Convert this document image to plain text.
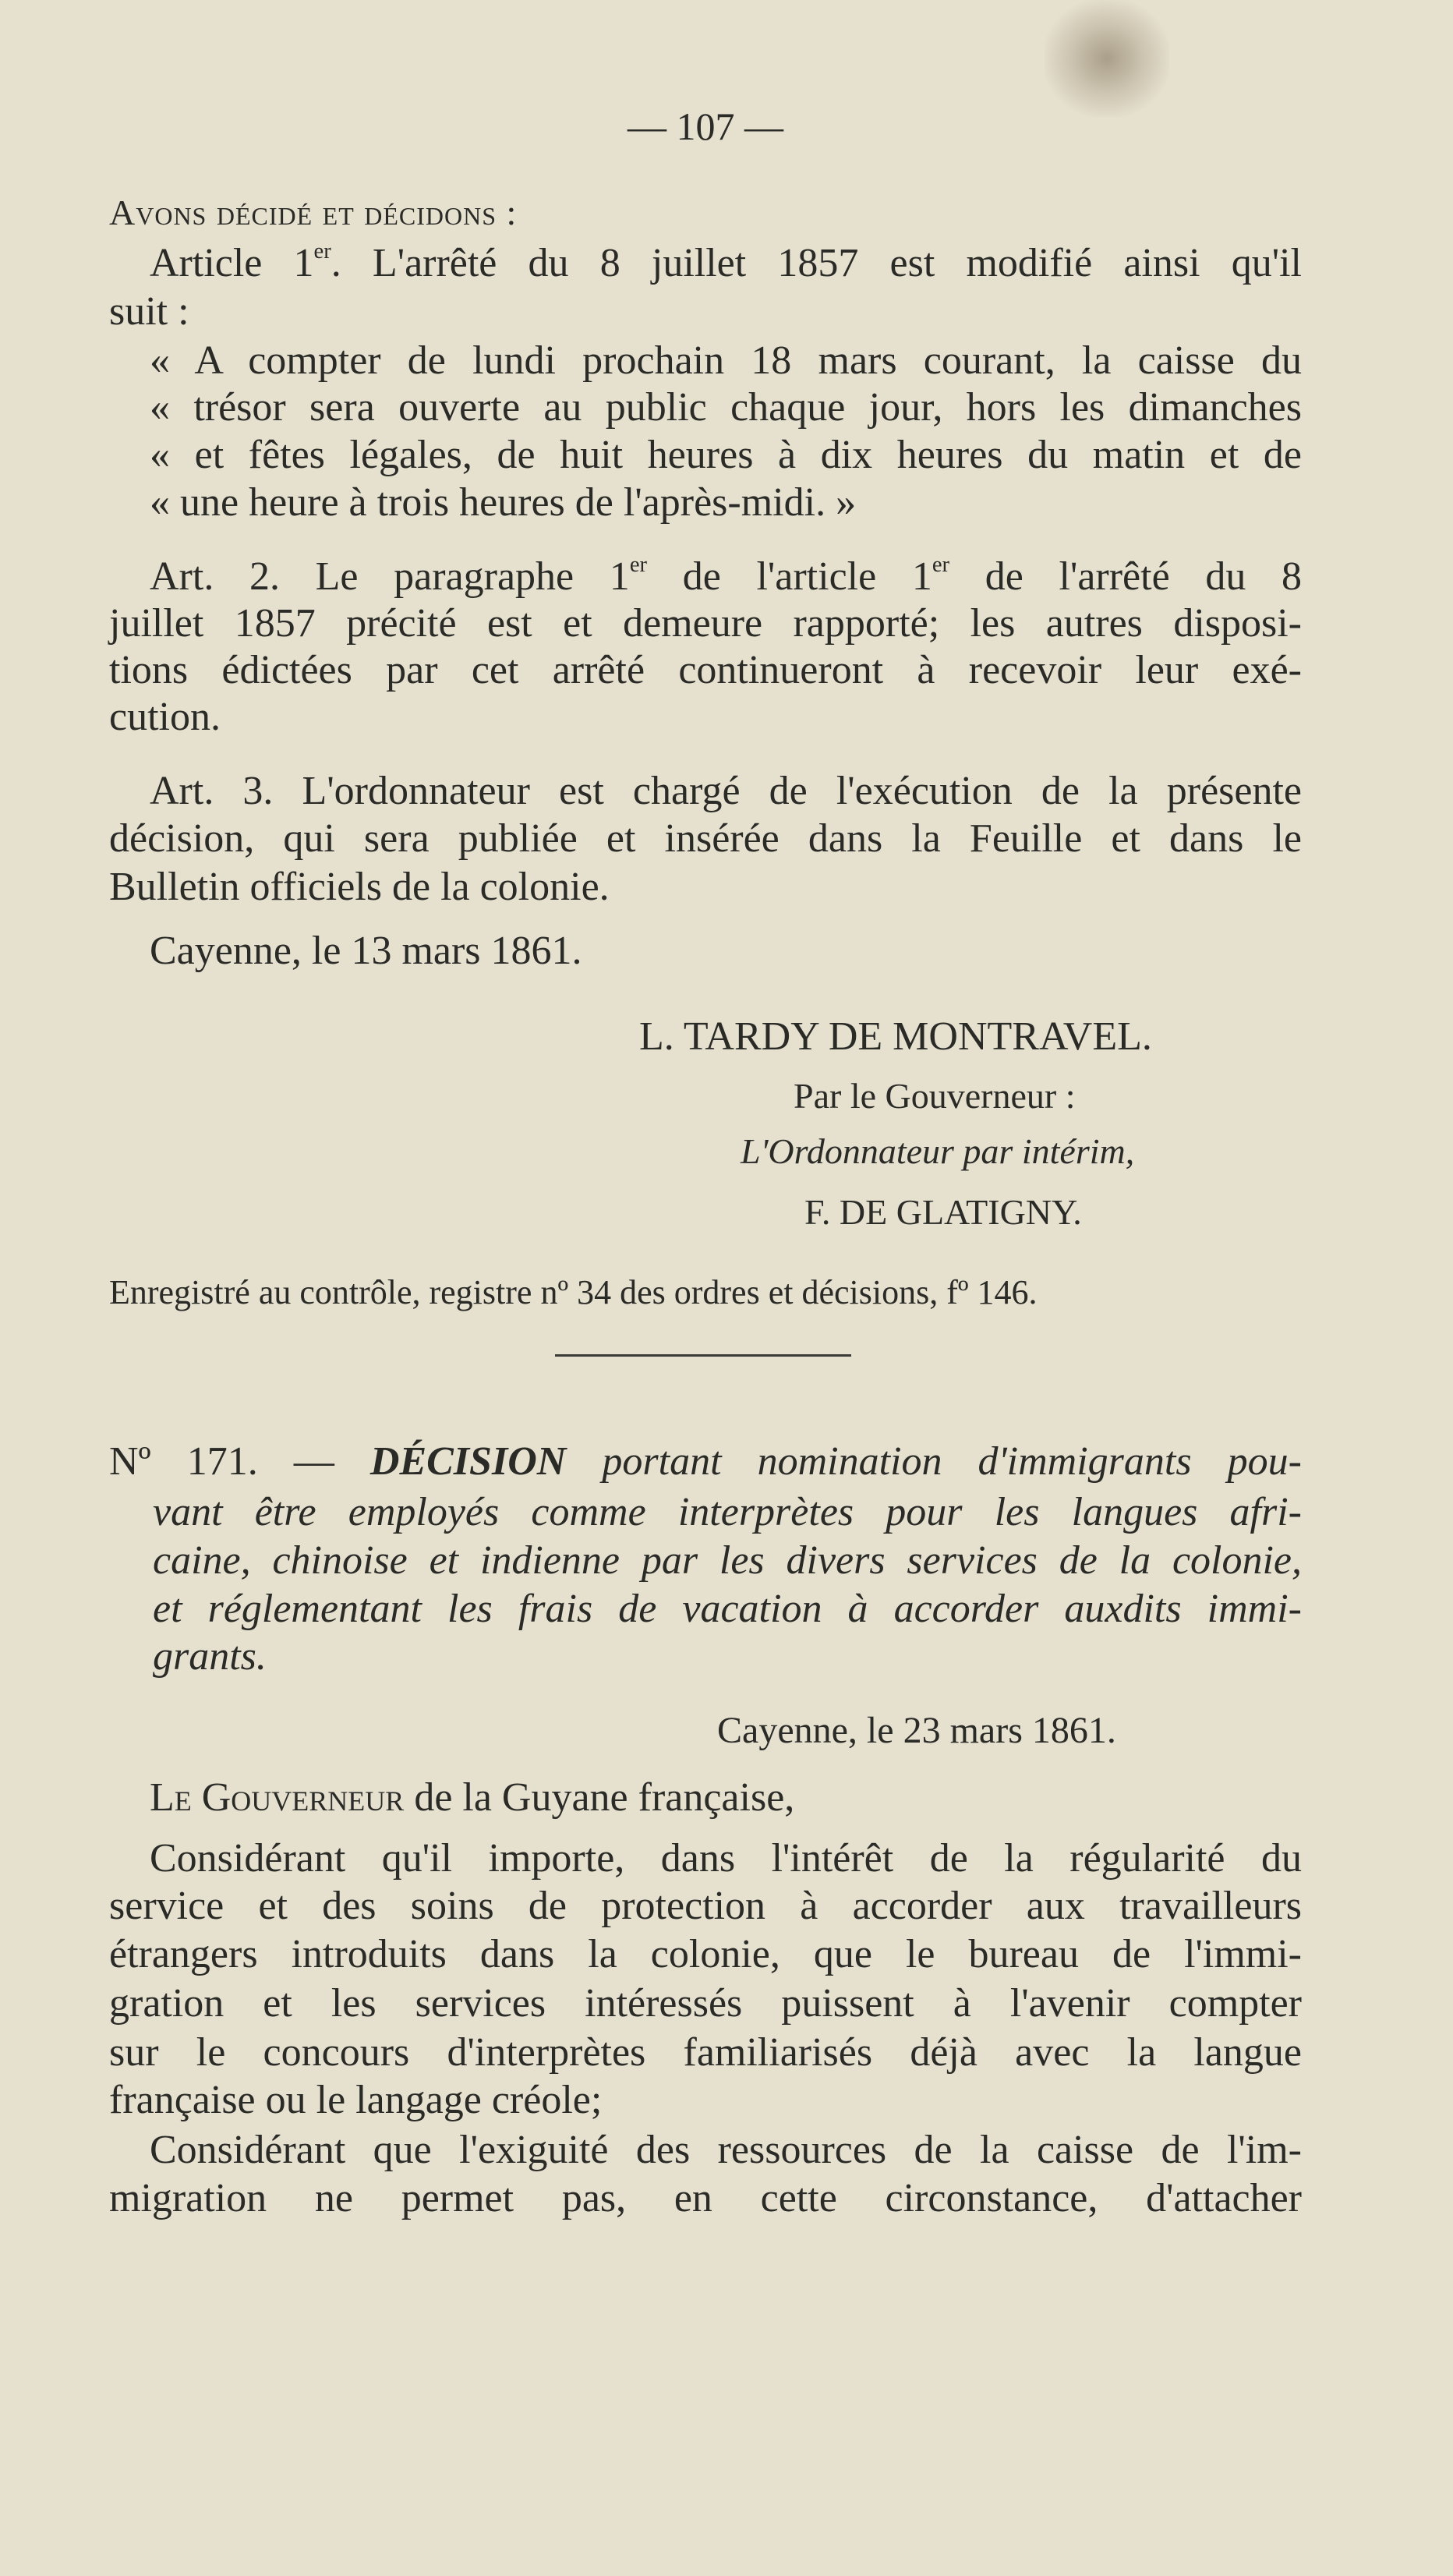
— 107 —
Avons décidé et décidons :
Article 1er. L'arrêté du 8 juillet 1857 est modifié ainsi qu'il
suit :
« A compter de lundi prochain 18 mars courant, la caisse du
« trésor sera ouverte au public chaque jour, hors les dimanches
« et fêtes légales, de huit heures à dix heures du matin et de
« une heure à trois heures de l'après-midi. »
Art. 2. Le paragraphe 1er de l'article 1er de l'arrêté du 8
juillet 1857 précité est et demeure rapporté; les autres disposi-
tions édictées par cet arrêté continueront à recevoir leur exé-
cution.
Art. 3. L'ordonnateur est chargé de l'exécution de la présente
décision, qui sera publiée et insérée dans la Feuille et dans le
Bulletin officiels de la colonie.
Cayenne, le 13 mars 1861.
L. TARDY DE MONTRAVEL.
Par le Gouverneur :
L'Ordonnateur par intérim,
F. DE GLATIGNY.
Enregistré au contrôle, registre nº 34 des ordres et décisions, fº 146.
Nº 171. — DÉCISION portant nomination d'immigrants pou-
vant être employés comme interprètes pour les langues afri-
caine, chinoise et indienne par les divers services de la colonie,
et réglementant les frais de vacation à accorder auxdits immi-
grants.
Cayenne, le 23 mars 1861.
Le Gouverneur de la Guyane française,
Considérant qu'il importe, dans l'intérêt de la régularité du
service et des soins de protection à accorder aux travailleurs
étrangers introduits dans la colonie, que le bureau de l'immi-
gration et les services intéressés puissent à l'avenir compter
sur le concours d'interprètes familiarisés déjà avec la langue
française ou le langage créole;
Considérant que l'exiguité des ressources de la caisse de l'im-
migration ne permet pas, en cette circonstance, d'attacher
